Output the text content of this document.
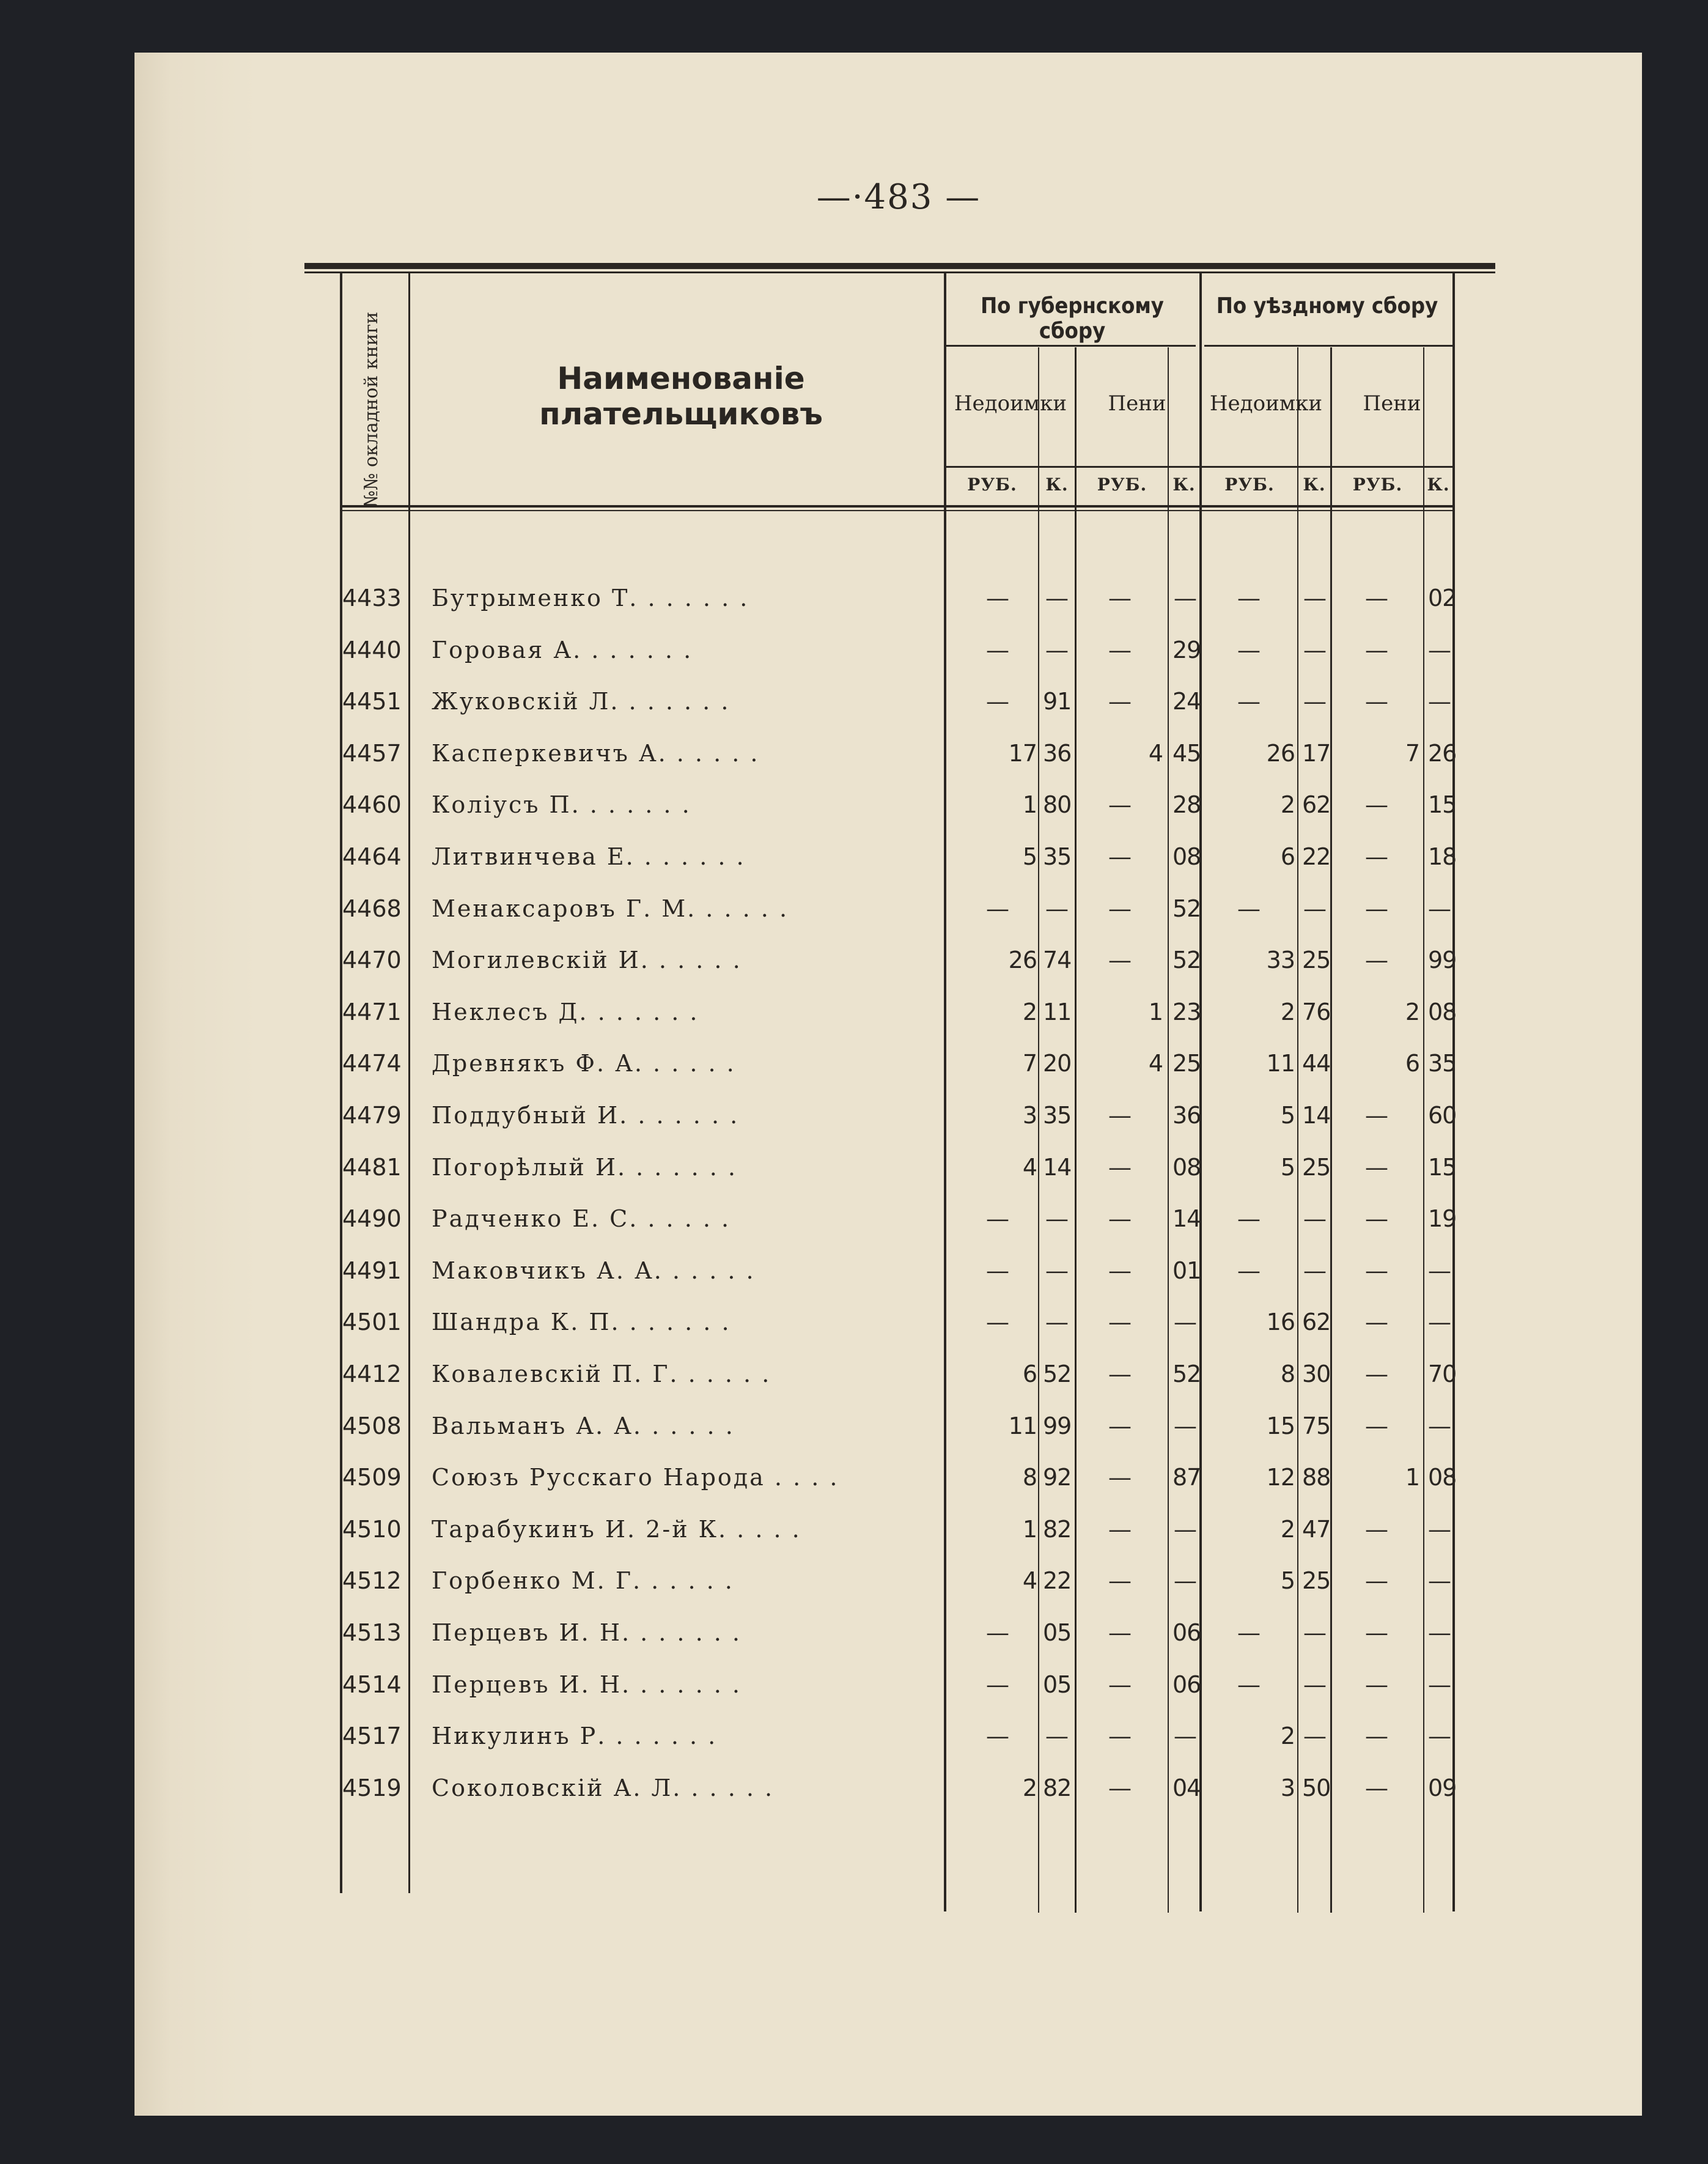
—·483 —
№№ окладной книги	Наименованіе плательщиковъ
По губернскому сбору
По уѣздному сбору
Недоимки	Пени	Недоимки	Пени
РУБ.	К.	РУБ.	К.	РУБ.	К.	РУБ.	К.
4433	Бутрыменко Т. . . . . . .	—	—	—	—	—	—	—	02
4440	Горовая А. . . . . . .	—	—	—	29	—	—	—	—
4451	Жуковскій Л. . . . . . .	—	91	—	24	—	—	—	—
4457	Касперкевичъ А. . . . . .	17 36	4 45	26 17	7 26
4460	Коліусъ П. . . . . . .	1 80	—	28	2 62	—	15
4464	Литвинчева Е. . . . . . .	5 35	—	08	6 22	—	18
4468	Менаксаровъ Г. М. . . . . .	—	—	—	52	—	—	—	—
4470	Могилевскій И. . . . . .	26 74	—	52	33 25	—	99
4471	Неклесъ Д. . . . . . .	2 11	1 23	2 76	2 08
4474	Древнякъ Ф. А. . . . . .	7 20	4 25	11 44	6 35
4479	Поддубный И. . . . . . .	3 35	—	36	5 14	—	60
4481	Погорѣлый И. . . . . . .	4 14	—	08	5 25	—	15
4490	Радченко Е. С. . . . . .	—	—	—	14	—	—	—	19
4491	Маковчикъ А. А. . . . . .	—	—	—	01	—	—	—	—
4501	Шандра К. П. . . . . . .	—	—	—	—	16 62	—	—
4412	Ковалевскій П. Г. . . . . .	6 52	—	52	8 30	—	70
4508	Вальманъ А. А. . . . . .	11 99	—	—	15 75	—	—
4509	Союзъ Русскаго Народа . . . .	8 92	—	87	12 88	1 08
4510	Тарабукинъ И. 2-й К. . . . .	1 82	—	—	2 47	—	—
4512	Горбенко М. Г. . . . . .	4 22	—	—	5 25	—	—
4513	Перцевъ И. Н. . . . . . .	—	05	—	06	—	—	—	—
4514	Перцевъ И. Н. . . . . . .	—	05	—	06	—	—	—	—
4517	Никулинъ Р. . . . . . .	—	—	—	—	2 —	—	—
4519	Соколовскій А. Л. . . . . .	2 82	—	04	3 50	—	09
